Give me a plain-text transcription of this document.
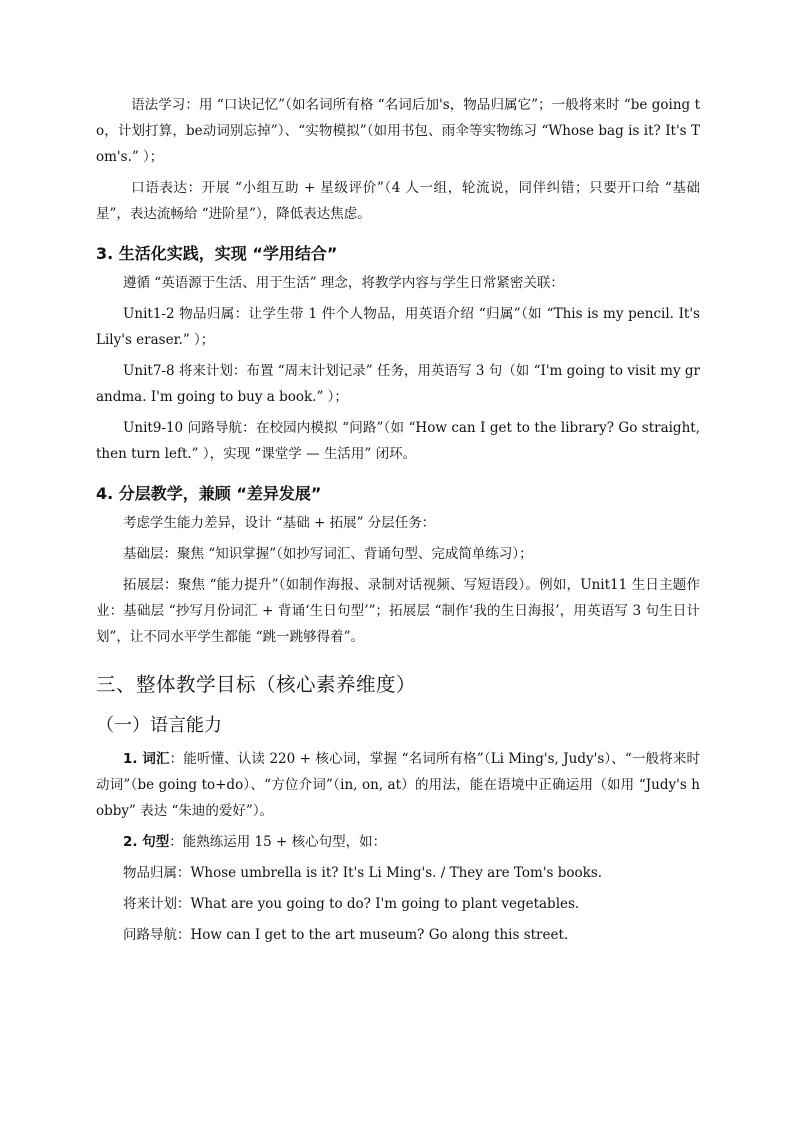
语法学习：用 “口诀记忆”（如名词所有格 “名词后加's，物品归属它”；一般将来时 “be going to，计划打算，be动词别忘掉”）、“实物模拟”（如用书包、雨伞等实物练习 “Whose bag is it? It's Tom's.” ）；

口语表达：开展 “小组互助 + 星级评价”（4 人一组，轮流说，同伴纠错；只要开口给 “基础星”，表达流畅给 “进阶星”），降低表达焦虑。

3. 生活化实践，实现 “学用结合”

遵循 “英语源于生活、用于生活” 理念，将教学内容与学生日常紧密关联：

Unit1-2 物品归属：让学生带 1 件个人物品，用英语介绍 “归属”（如 “This is my pencil. It's Lily's eraser.” ）；

Unit7-8 将来计划：布置 “周末计划记录” 任务，用英语写 3 句（如 “I'm going to visit my grandma. I'm going to buy a book.” ）；

Unit9-10 问路导航：在校园内模拟 “问路”（如 “How can I get to the library? Go straight, then turn left.” ），实现 “课堂学 — 生活用” 闭环。

4. 分层教学，兼顾 “差异发展”

考虑学生能力差异，设计 “基础 + 拓展” 分层任务：

基础层：聚焦 “知识掌握”（如抄写词汇、背诵句型、完成简单练习）；

拓展层：聚焦 “能力提升”（如制作海报、录制对话视频、写短语段）。例如，Unit11 生日主题作业：基础层 “抄写月份词汇 + 背诵‘生日句型’”；拓展层 “制作‘我的生日海报’，用英语写 3 句生日计划”，让不同水平学生都能 “跳一跳够得着”。

三、整体教学目标（核心素养维度）
（一）语言能力

1. 词汇：能听懂、认读 220 + 核心词，掌握 “名词所有格”（Li Ming's, Judy's）、“一般将来时动词”（be going to+do）、“方位介词”（in, on, at）的用法，能在语境中正确运用（如用 “Judy's hobby” 表达 “朱迪的爱好”）。

2. 句型：能熟练运用 15 + 核心句型，如：

物品归属：Whose umbrella is it? It's Li Ming's. / They are Tom's books.

将来计划：What are you going to do? I'm going to plant vegetables.

问路导航：How can I get to the art museum? Go along this street.
